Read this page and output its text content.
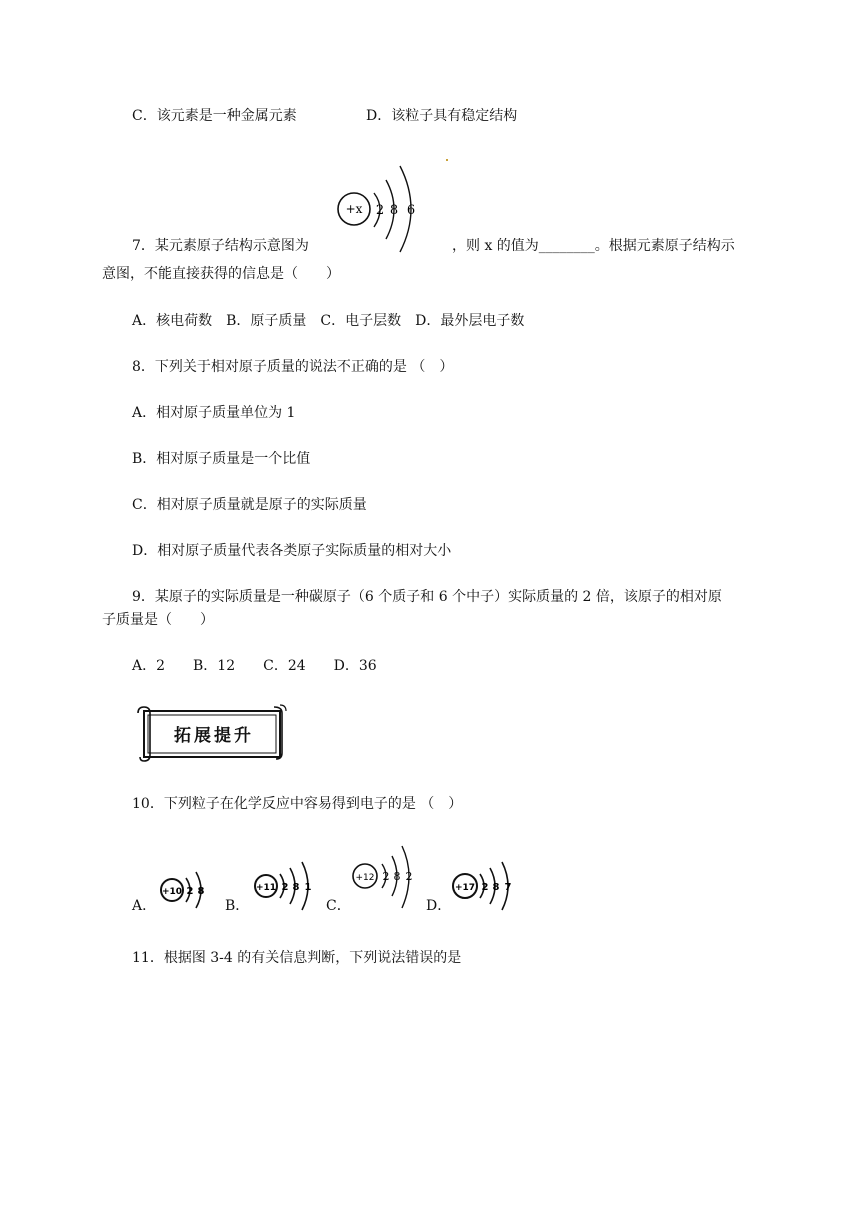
C．该元素是一种金属元素	D．该粒子具有稳定结构
+x 2 8 6
7．某元素原子结构示意图为	，则 x 的值为________。根据元素原子结构示
意图，不能直接获得的信息是（　　）
A．核电荷数　B．原子质量　C．电子层数　D．最外层电子数
8．下列关于相对原子质量的说法不正确的是 （　）
A．相对原子质量单位为 1
B．相对原子质量是一个比值
C．相对原子质量就是原子的实际质量
D．相对原子质量代表各类原子实际质量的相对大小
9．某原子的实际质量是一种碳原子（6 个质子和 6 个中子）实际质量的 2 倍，该原子的相对原
子质量是（　　）
A．2　　B．12　　C．24　　D．36
拓展提升
10．下列粒子在化学反应中容易得到电子的是 （　）
A．
+10 2 8
B．
+11 2 8 1
C．
+12 2 8 2
D．
+17 2 8 7
11．根据图 3-4 的有关信息判断，下列说法错误的是
